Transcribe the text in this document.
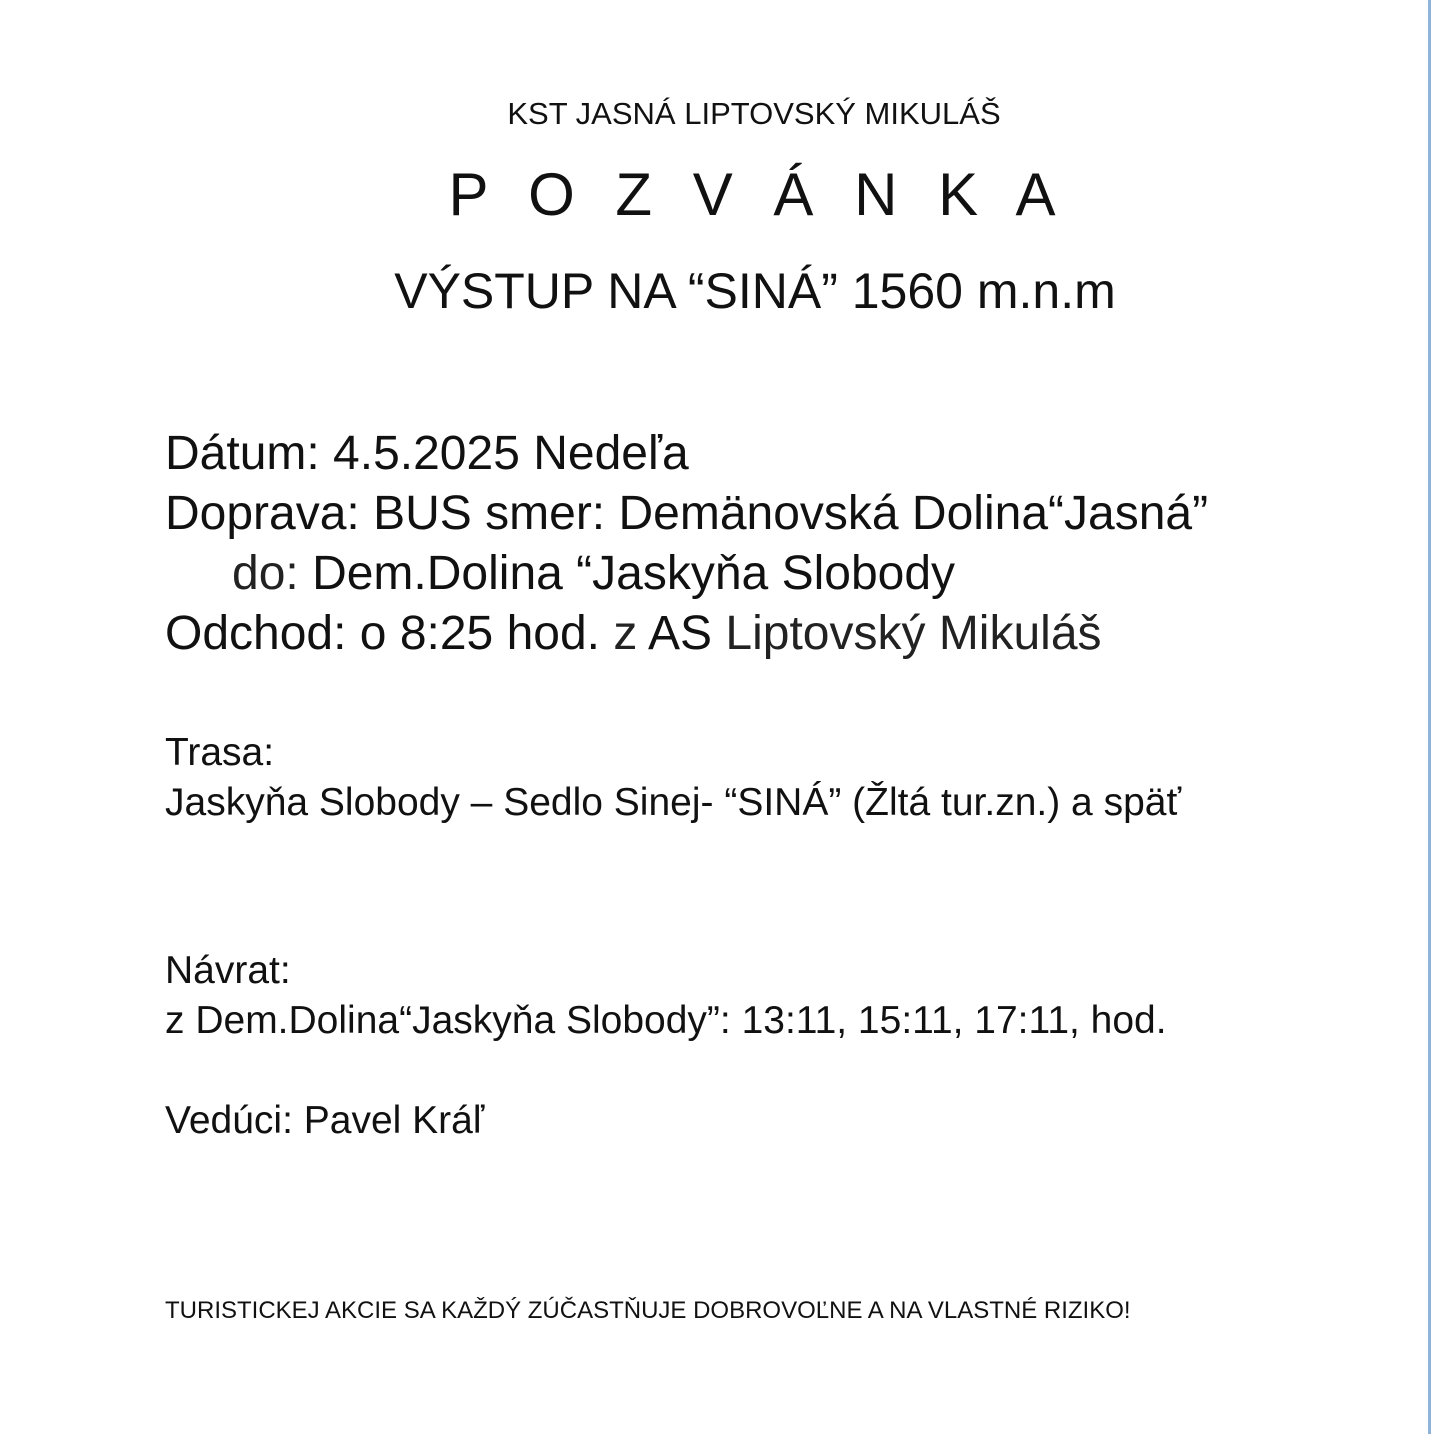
KST JASNÁ LIPTOVSKÝ MIKULÁŠ
P O Z V Á N K A
VÝSTUP NA “SINÁ” 1560 m.n.m
Dátum: 4.5.2025 Nedeľa
Doprava: BUS smer: Demänovská Dolina“Jasná”
do: Dem.Dolina “Jaskyňa Slobody
Odchod: o 8:25 hod. z AS Liptovský Mikuláš
Trasa:
Jaskyňa Slobody – Sedlo Sinej- “SINÁ” (Žltá tur.zn.) a späť
Návrat:
z Dem.Dolina“Jaskyňa Slobody”: 13:11, 15:11, 17:11, hod.
Vedúci: Pavel Kráľ
TURISTICKEJ AKCIE SA KAŽDÝ ZÚČASTŇUJE DOBROVOĽNE A NA VLASTNÉ RIZIKO!
